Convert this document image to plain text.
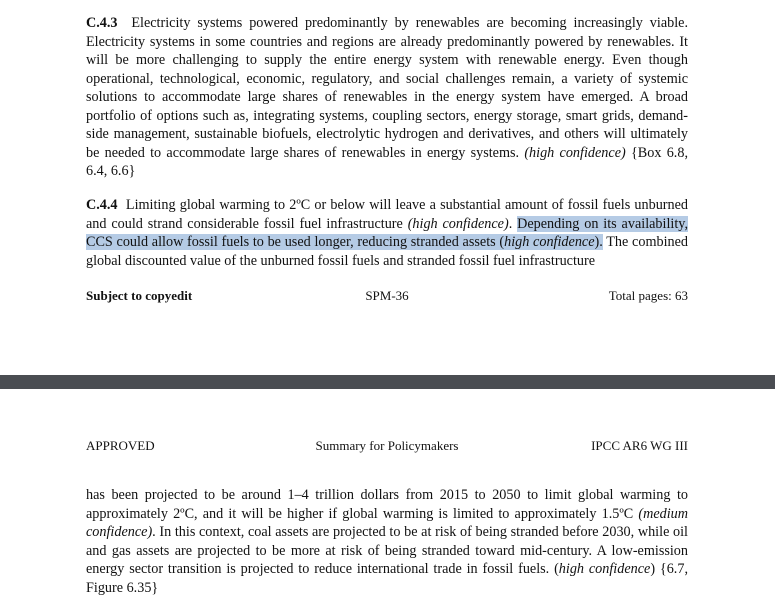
C.4.3 Electricity systems powered predominantly by renewables are becoming increasingly viable. Electricity systems in some countries and regions are already predominantly powered by renewables. It will be more challenging to supply the entire energy system with renewable energy. Even though operational, technological, economic, regulatory, and social challenges remain, a variety of systemic solutions to accommodate large shares of renewables in the energy system have emerged. A broad portfolio of options such as, integrating systems, coupling sectors, energy storage, smart grids, demand-side management, sustainable biofuels, electrolytic hydrogen and derivatives, and others will ultimately be needed to accommodate large shares of renewables in energy systems. (high confidence) {Box 6.8, 6.4, 6.6}

C.4.4 Limiting global warming to 2ºC or below will leave a substantial amount of fossil fuels unburned and could strand considerable fossil fuel infrastructure (high confidence). Depending on its availability, CCS could allow fossil fuels to be used longer, reducing stranded assets (high confidence). The combined global discounted value of the unburned fossil fuels and stranded fossil fuel infrastructure

Subject to copyedit	SPM-36	Total pages: 63
APPROVED	Summary for Policymakers	IPCC AR6 WG III

has been projected to be around 1–4 trillion dollars from 2015 to 2050 to limit global warming to approximately 2ºC, and it will be higher if global warming is limited to approximately 1.5ºC (medium confidence). In this context, coal assets are projected to be at risk of being stranded before 2030, while oil and gas assets are projected to be more at risk of being stranded toward mid-century. A low-emission energy sector transition is projected to reduce international trade in fossil fuels. (high confidence) {6.7, Figure 6.35}
